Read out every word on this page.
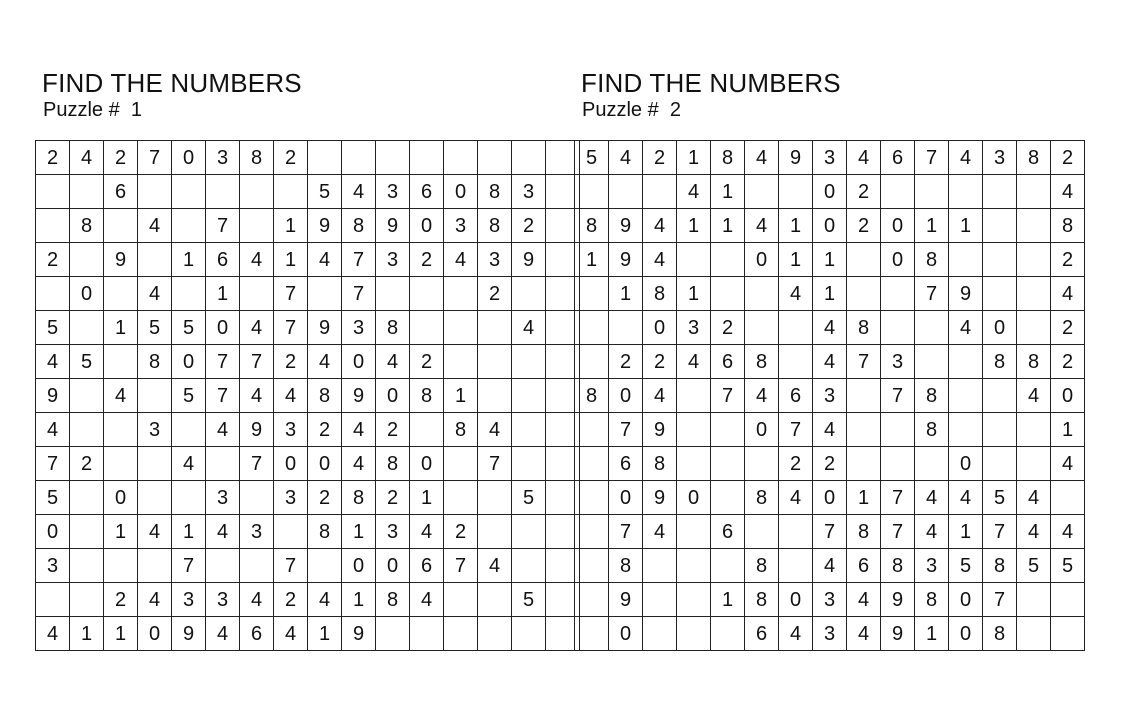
FIND THE NUMBERS
Puzzle # 1
2	4	2	7	0	3	8	2								
		6						5	4	3	6	0	8	3	
	8		4		7		1	9	8	9	0	3	8	2	
2		9		1	6	4	1	4	7	3	2	4	3	9	
	0		4		1		7		7				2		
5		1	5	5	0	4	7	9	3	8				4	
4	5		8	0	7	7	2	4	0	4	2				
9		4		5	7	4	4	8	9	0	8	1			
4			3		4	9	3	2	4	2		8	4		
7	2			4		7	0	0	4	8	0		7		
5		0			3		3	2	8	2	1			5	
0		1	4	1	4	3		8	1	3	4	2			
3				7			7		0	0	6	7	4		
		2	4	3	3	4	2	4	1	8	4			5	
4	1	1	0	9	4	6	4	1	9						
FIND THE NUMBERS
Puzzle # 2
5	4	2	1	8	4	9	3	4	6	7	4	3	8	2
			4	1			0	2						4
8	9	4	1	1	4	1	0	2	0	1	1			8
1	9	4			0	1	1		0	8				2
	1	8	1			4	1			7	9			4
		0	3	2			4	8			4	0		2
	2	2	4	6	8		4	7	3			8	8	2
8	0	4		7	4	6	3		7	8			4	0
	7	9			0	7	4			8				1
	6	8				2	2				0			4
	0	9	0		8	4	0	1	7	4	4	5	4	
	7	4		6			7	8	7	4	1	7	4	4
	8				8		4	6	8	3	5	8	5	5
	9			1	8	0	3	4	9	8	0	7		
	0				6	4	3	4	9	1	0	8		
